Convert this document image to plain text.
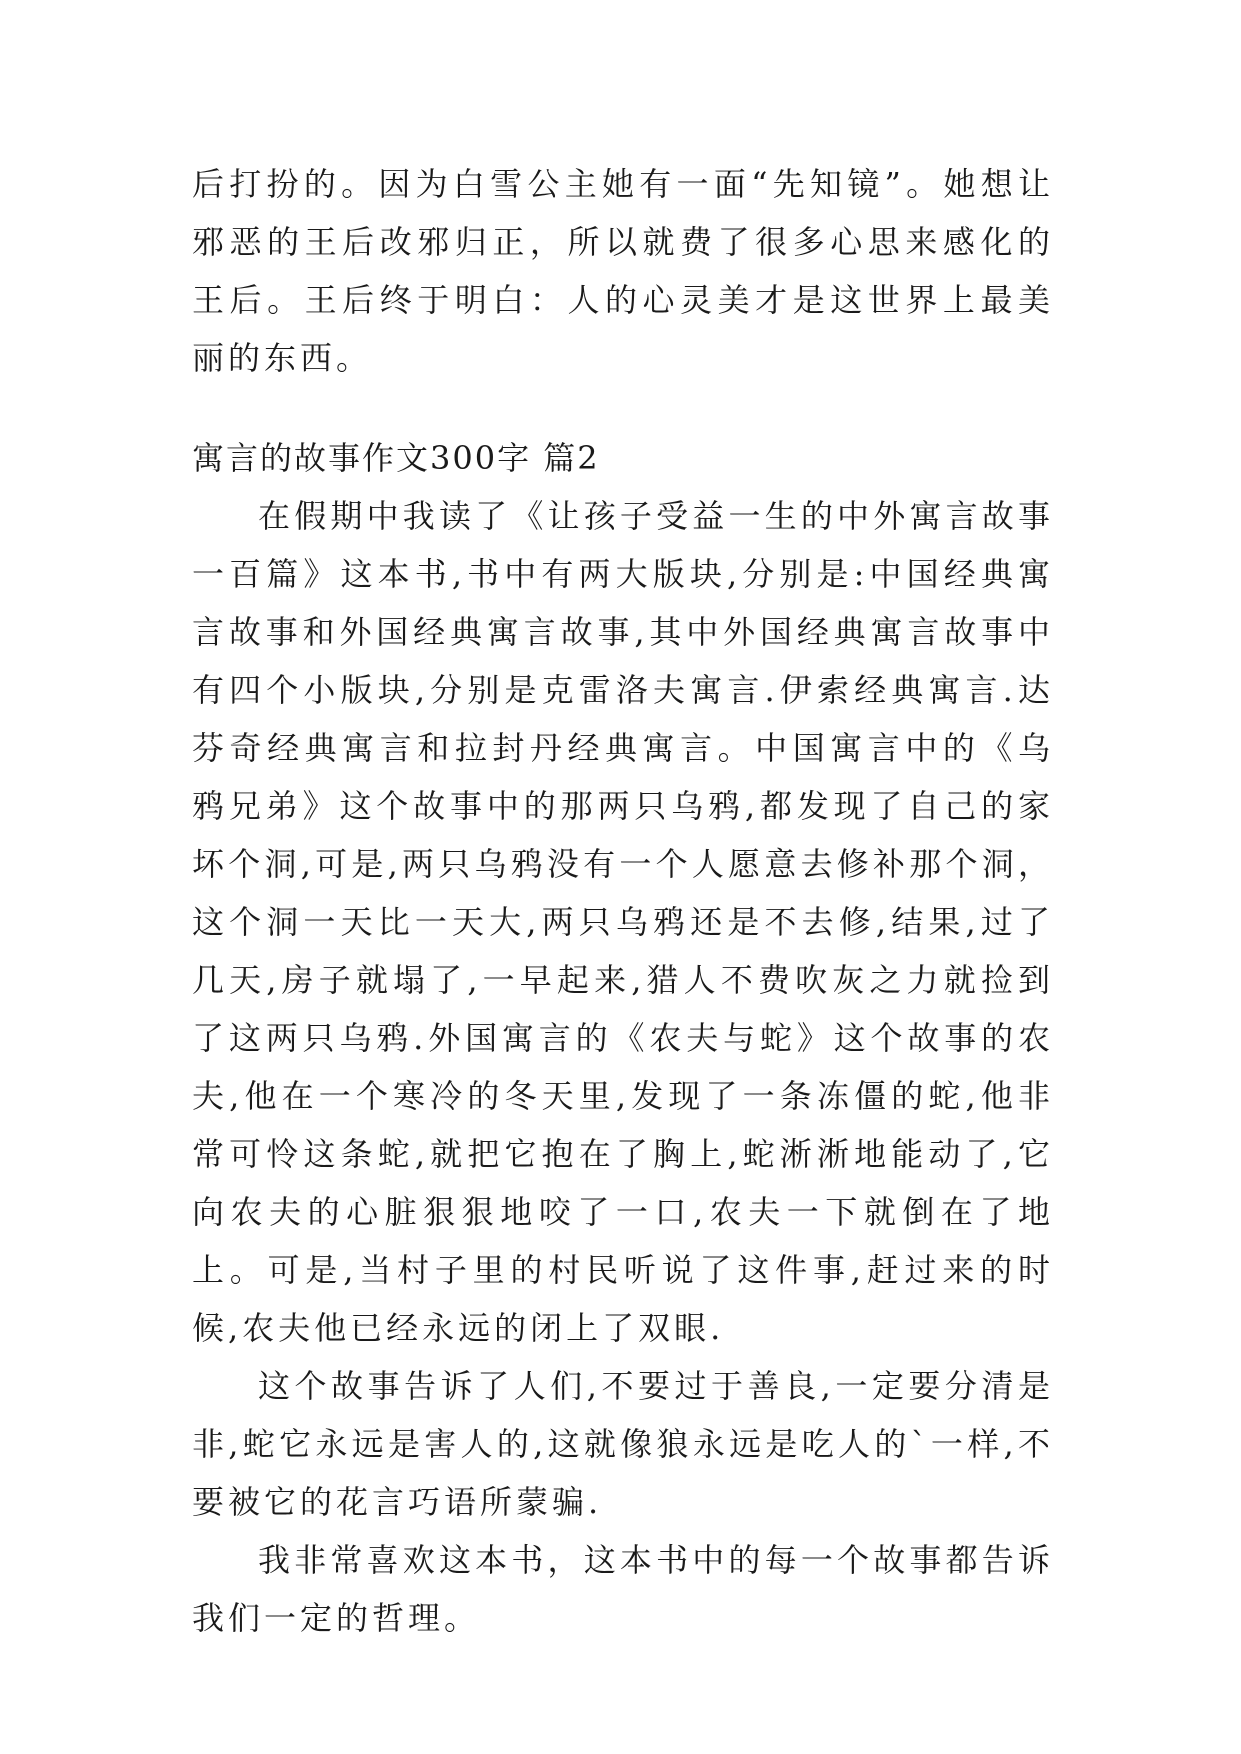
后打扮的。因为白雪公主她有一面“先知镜”。她想让邪恶的王后改邪归正，所以就费了很多心思来感化的王后。王后终于明白：人的心灵美才是这世界上最美丽的东西。

寓言的故事作文300字 篇2

在假期中我读了《让孩子受益一生的中外寓言故事一百篇》这本书,书中有两大版块,分别是:中国经典寓言故事和外国经典寓言故事,其中外国经典寓言故事中有四个小版块,分别是克雷洛夫寓言.伊索经典寓言.达芬奇经典寓言和拉封丹经典寓言。中国寓言中的《乌鸦兄弟》这个故事中的那两只乌鸦,都发现了自己的家坏个洞,可是,两只乌鸦没有一个人愿意去修补那个洞，这个洞一天比一天大,两只乌鸦还是不去修,结果,过了几天,房子就塌了,一早起来,猎人不费吹灰之力就捡到了这两只乌鸦.外国寓言的《农夫与蛇》这个故事的农夫,他在一个寒冷的冬天里,发现了一条冻僵的蛇,他非常可怜这条蛇,就把它抱在了胸上,蛇淅淅地能动了,它向农夫的心脏狠狠地咬了一口,农夫一下就倒在了地上。可是,当村子里的村民听说了这件事,赶过来的时候,农夫他已经永远的闭上了双眼.

这个故事告诉了人们,不要过于善良,一定要分清是非,蛇它永远是害人的,这就像狼永远是吃人的`一样,不要被它的花言巧语所蒙骗.

我非常喜欢这本书，这本书中的每一个故事都告诉我们一定的哲理。
